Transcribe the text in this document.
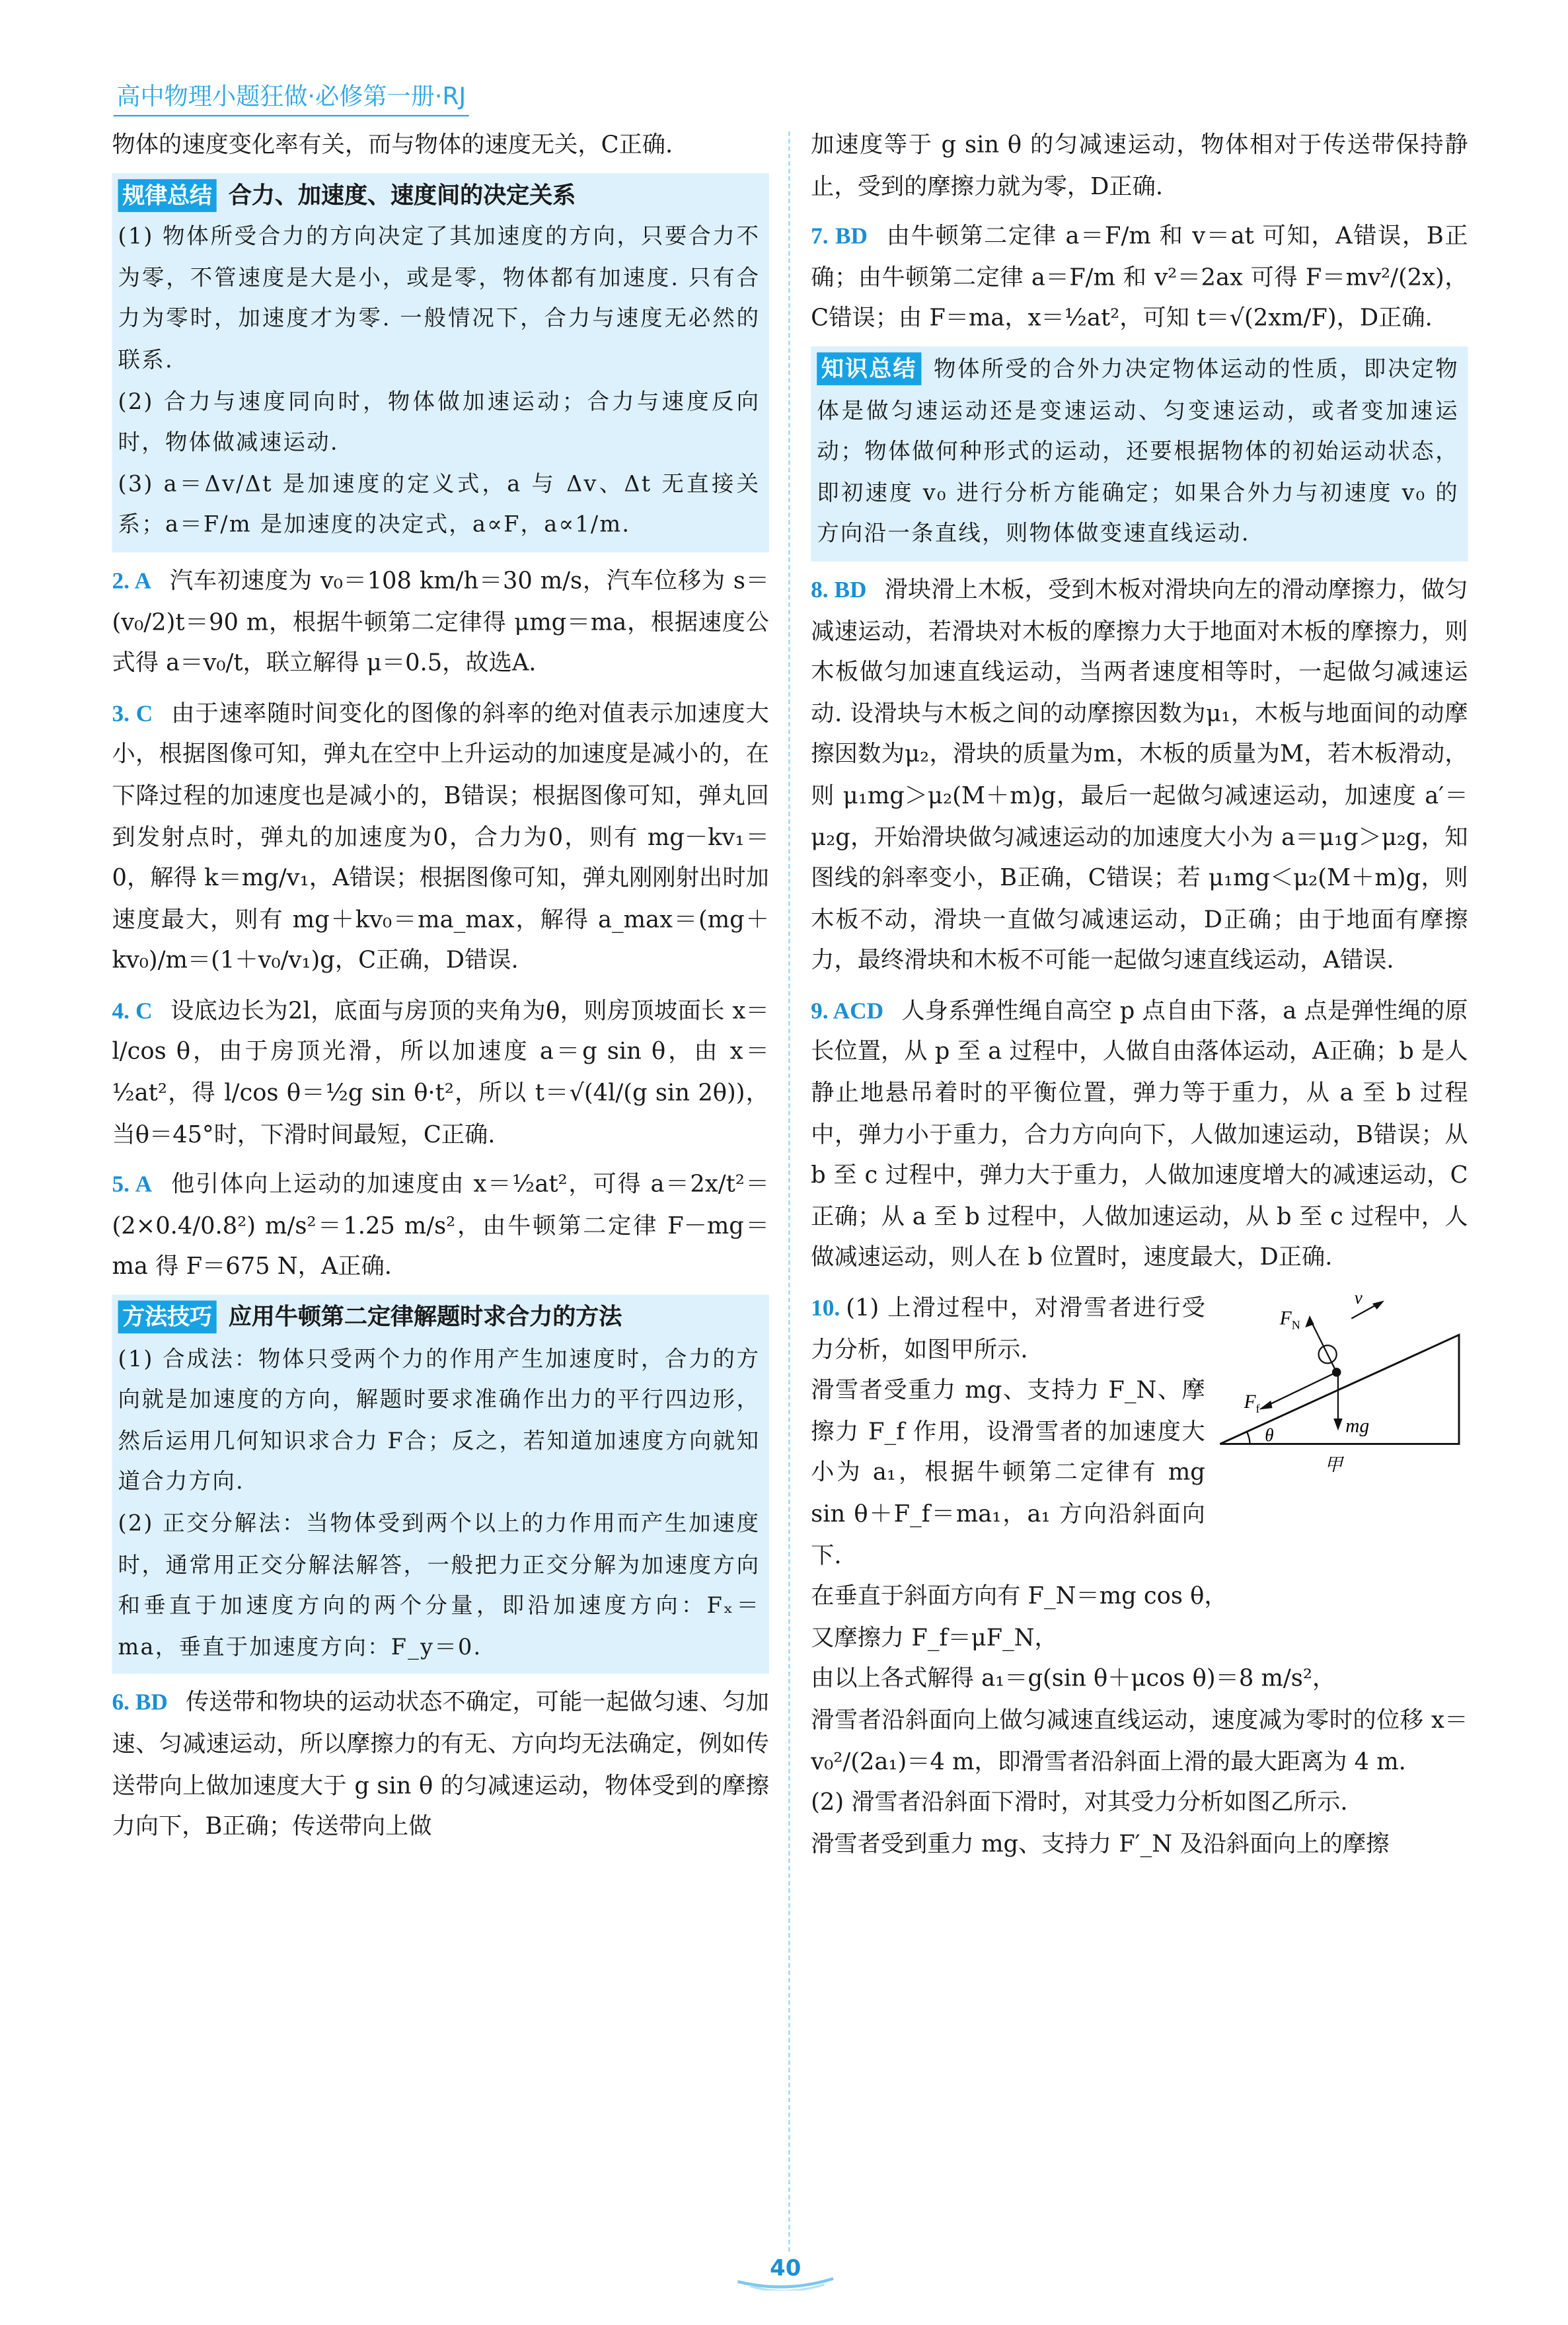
高中物理小题狂做·必修第一册·RJ

物体的速度变化率有关，而与物体的速度无关，C正确.

规律总结 合力、加速度、速度间的决定关系

(1) 物体所受合力的方向决定了其加速度的方向，只要合力不为零，不管速度是大是小，或是零，物体都有加速度. 只有合力为零时，加速度才为零. 一般情况下，合力与速度无必然的联系.

(2) 合力与速度同向时，物体做加速运动；合力与速度反向时，物体做减速运动.

(3) a＝Δv/Δt 是加速度的定义式，a 与 Δv、Δt 无直接关系；a＝F/m 是加速度的决定式，a∝F，a∝1/m.

2. A 汽车初速度为 v₀＝108 km/h＝30 m/s，汽车位移为 s＝(v₀/2)t＝90 m，根据牛顿第二定律得 μmg＝ma，根据速度公式得 a＝v₀/t，联立解得 μ＝0.5，故选A.

3. C 由于速率随时间变化的图像的斜率的绝对值表示加速度大小，根据图像可知，弹丸在空中上升运动的加速度是减小的，在下降过程的加速度也是减小的，B错误；根据图像可知，弹丸回到发射点时，弹丸的加速度为0，合力为0，则有 mg－kv₁＝0，解得 k＝mg/v₁，A错误；根据图像可知，弹丸刚刚射出时加速度最大，则有 mg＋kv₀＝ma_max，解得 a_max＝(mg＋kv₀)/m＝(1＋v₀/v₁)g，C正确，D错误.

4. C 设底边长为2l，底面与房顶的夹角为θ，则房顶坡面长 x＝l/cos θ，由于房顶光滑，所以加速度 a＝g sin θ，由 x＝½at²，得 l/cos θ＝½g sin θ·t²，所以 t＝√(4l/(g sin 2θ))，当θ＝45°时，下滑时间最短，C正确.

5. A 他引体向上运动的加速度由 x＝½at²，可得 a＝2x/t²＝(2×0.4/0.8²) m/s²＝1.25 m/s²，由牛顿第二定律 F－mg＝ma 得 F＝675 N，A正确.

方法技巧 应用牛顿第二定律解题时求合力的方法

(1) 合成法：物体只受两个力的作用产生加速度时，合力的方向就是加速度的方向，解题时要求准确作出力的平行四边形，然后运用几何知识求合力 F合；反之，若知道加速度方向就知道合力方向.

(2) 正交分解法：当物体受到两个以上的力作用而产生加速度时，通常用正交分解法解答，一般把力正交分解为加速度方向和垂直于加速度方向的两个分量，即沿加速度方向：Fₓ＝ma，垂直于加速度方向：F_y＝0.

6. BD 传送带和物块的运动状态不确定，可能一起做匀速、匀加速、匀减速运动，所以摩擦力的有无、方向均无法确定，例如传送带向上做加速度大于 g sin θ 的匀减速运动，物体受到的摩擦力向下，B正确；传送带向上做

加速度等于 g sin θ 的匀减速运动，物体相对于传送带保持静止，受到的摩擦力就为零，D正确.

7. BD 由牛顿第二定律 a＝F/m 和 v＝at 可知，A错误，B正确；由牛顿第二定律 a＝F/m 和 v²＝2ax 可得 F＝mv²/(2x)，C错误；由 F＝ma，x＝½at²，可知 t＝√(2xm/F)，D正确.

知识总结 物体所受的合外力决定物体运动的性质，即决定物体是做匀速运动还是变速运动、匀变速运动，或者变加速运动；物体做何种形式的运动，还要根据物体的初始运动状态，即初速度 v₀ 进行分析方能确定；如果合外力与初速度 v₀ 的方向沿一条直线，则物体做变速直线运动.

8. BD 滑块滑上木板，受到木板对滑块向左的滑动摩擦力，做匀减速运动，若滑块对木板的摩擦力大于地面对木板的摩擦力，则木板做匀加速直线运动，当两者速度相等时，一起做匀减速运动. 设滑块与木板之间的动摩擦因数为μ₁，木板与地面间的动摩擦因数为μ₂，滑块的质量为m，木板的质量为M，若木板滑动，则 μ₁mg＞μ₂(M＋m)g，最后一起做匀减速运动，加速度 a′＝μ₂g，开始滑块做匀减速运动的加速度大小为 a＝μ₁g＞μ₂g，知图线的斜率变小，B正确，C错误；若 μ₁mg＜μ₂(M＋m)g，则木板不动，滑块一直做匀减速运动，D正确；由于地面有摩擦力，最终滑块和木板不可能一起做匀速直线运动，A错误.

9. ACD 人身系弹性绳自高空 p 点自由下落，a 点是弹性绳的原长位置，从 p 至 a 过程中，人做自由落体运动，A正确；b 是人静止地悬吊着时的平衡位置，弹力等于重力，从 a 至 b 过程中，弹力小于重力，合力方向向下，人做加速运动，B错误；从 b 至 c 过程中，弹力大于重力，人做加速度增大的减速运动，C正确；从 a 至 b 过程中，人做加速运动，从 b 至 c 过程中，人做减速运动，则人在 b 位置时，速度最大，D正确.

$F_N$
v
$F_f$
mg
θ
甲

10. (1) 上滑过程中，对滑雪者进行受力分析，如图甲所示.

滑雪者受重力 mg、支持力 F_N、摩擦力 F_f 作用，设滑雪者的加速度大小为 a₁，根据牛顿第二定律有 mg sin θ＋F_f＝ma₁，a₁ 方向沿斜面向下.

在垂直于斜面方向有 F_N＝mg cos θ，

又摩擦力 F_f＝μF_N，

由以上各式解得 a₁＝g(sin θ＋μcos θ)＝8 m/s²，

滑雪者沿斜面向上做匀减速直线运动，速度减为零时的位移 x＝v₀²/(2a₁)＝4 m，即滑雪者沿斜面上滑的最大距离为 4 m.

(2) 滑雪者沿斜面下滑时，对其受力分析如图乙所示.

滑雪者受到重力 mg、支持力 F′_N 及沿斜面向上的摩擦

40
